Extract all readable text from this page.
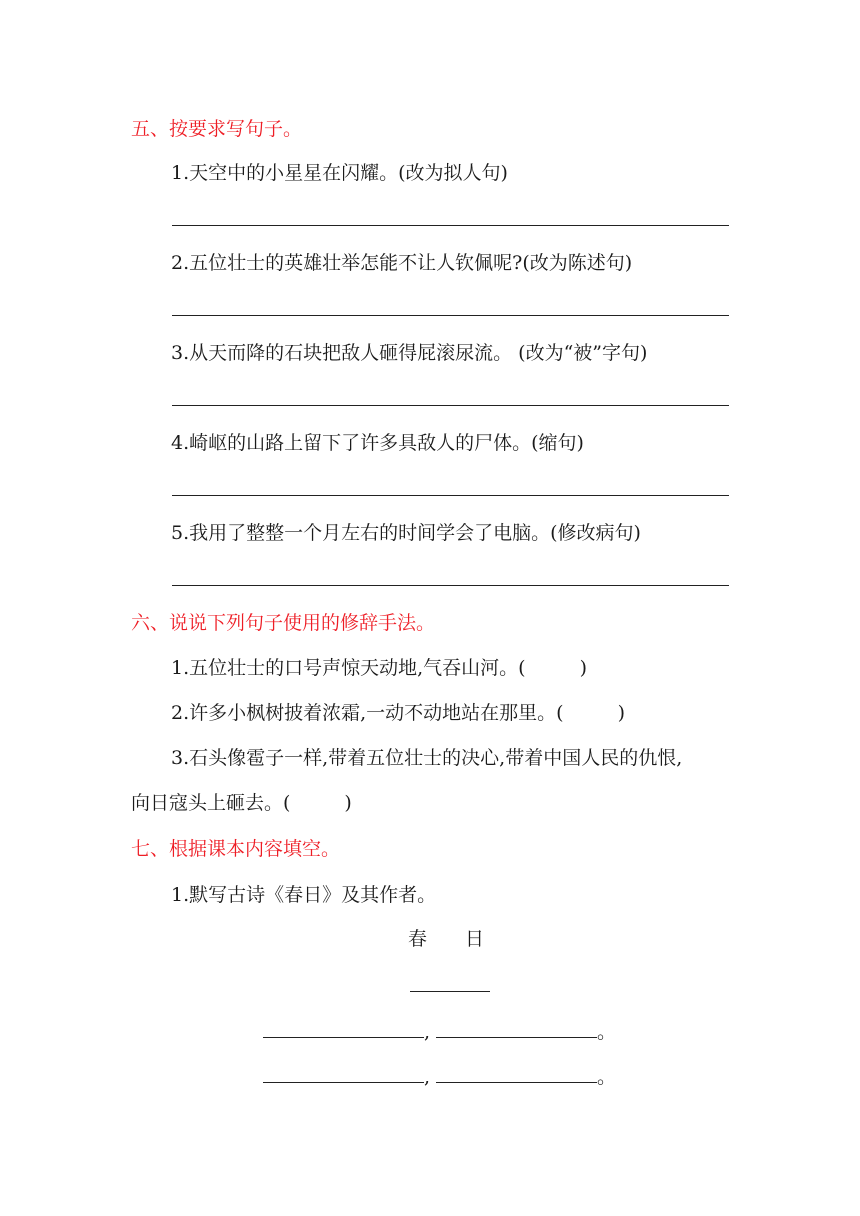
五、按要求写句子。
1.天空中的小星星在闪耀。(改为拟人句)
2.五位壮士的英雄壮举怎能不让人钦佩呢?(改为陈述句)
3.从天而降的石块把敌人砸得屁滚尿流。 (改为“被”字句)
4.崎岖的山路上留下了许多具敌人的尸体。(缩句)
5.我用了整整一个月左右的时间学会了电脑。(修改病句)
六、说说下列句子使用的修辞手法。
1.五位壮士的口号声惊天动地,气吞山河。(	)
2.许多小枫树披着浓霜,一动不动地站在那里。(	)
3.石头像雹子一样,带着五位壮士的决心,带着中国人民的仇恨,
向日寇头上砸去。(	)
七、根据课本内容填空。
1.默写古诗《春日》及其作者。
春 日
,	。
,	。
